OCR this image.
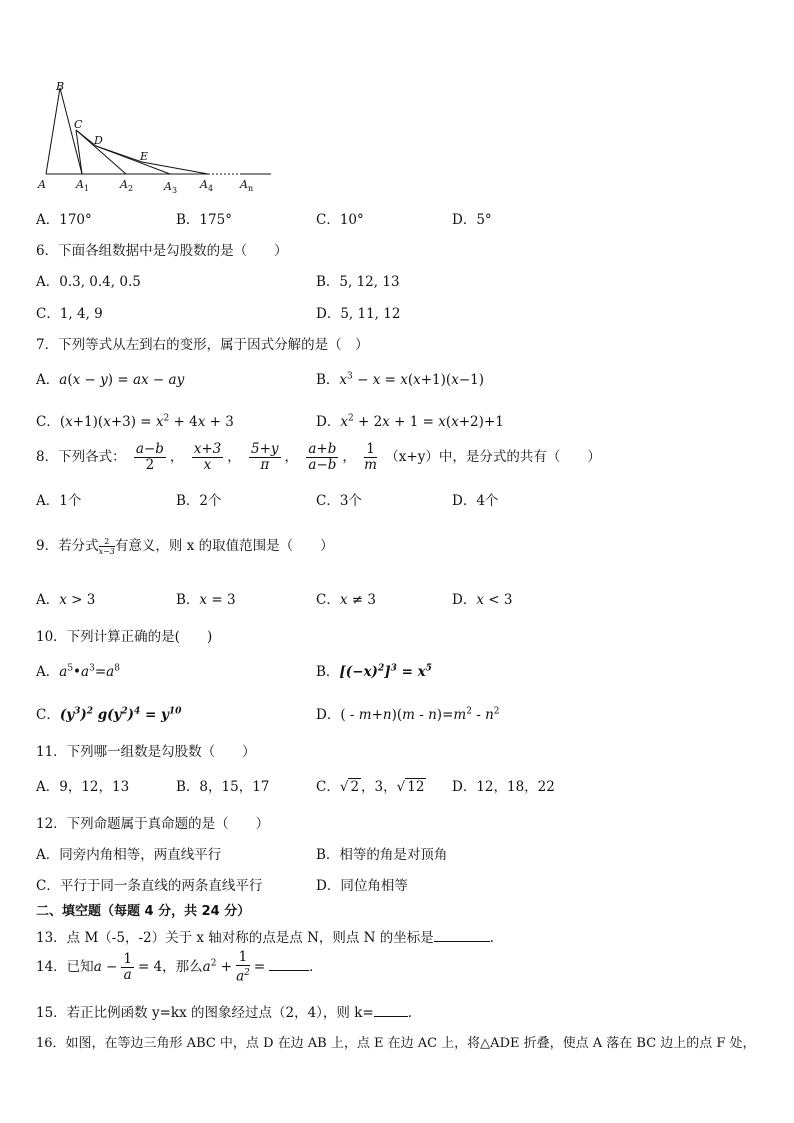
B
C
D
E
A	$A_1$	$A_2$	$A_3$ $A_4$ $A_n$
A．170°	B．175°	C．10°	D．5°
6．下面各组数据中是勾股数的是（　　）
A．0.3, 0.4, 0.5	B．5, 12, 13
C．1, 4, 9	D．5, 11, 12
7．下列等式从左到右的变形，属于因式分解的是（　）
A．a(x − y) = ax − ay	B．$x^3 - x = x(x+1)(x-1)$
C．$(x+1)(x+3) = x^2 + 4x + 3$	D．$x^2 + 2x + 1 = x(x+2)+1$
8．下列各式： $\frac{a-b}{2}$ ， $\frac{x+3}{x}$ ， $\frac{5+y}{\pi}$ ， $\frac{a+b}{a-b}$ ， $\frac{1}{m} (x+y)$中，是分式的共有（　　）
A．1个	B．2个	C．3个	D．4个
9．若分式 $\frac{2}{x-3}$ 有意义，则 x 的取值范围是（　　）
A．x > 3	B．x = 3	C．x ≠ 3	D．x < 3
10．下列计算正确的是(　　)
A．$a^5•a^3=a^8$	B．$[(-x)^2]^3 = x^5$
C．$(y^3)^2$ $g(y^2)^4 = y^{10}$	D．( - $m+n)(m - n)=m^2 - n^2$
11．下列哪一组数是勾股数（　　）
A．9，12，13	B．8，15，17	C．√ 2 ，3，√ 12 D．12，18，22
12．下列命题属于真命题的是（　　）
A．同旁内角相等，两直线平行	B．相等的角是对顶角
C．平行于同一条直线的两条直线平行	D．同位角相等
二、填空题（每题 4 分，共 24 分）
13．点 M（-5，-2）关于 x 轴对称的点是点 N，则点 N 的坐标是	．
14．已知$a - \frac{1}{a} = 4$，那么$a^2 + \frac{1}{a^2}$ =	．
15．若正比例函数 y=kx 的图象经过点（2，4），则 k=	．
16．如图，在等边三角形 ABC 中，点 D 在边 AB 上，点 E 在边 AC 上，将△ADE 折叠，使点 A 落在 BC 边上的点 F 处，
